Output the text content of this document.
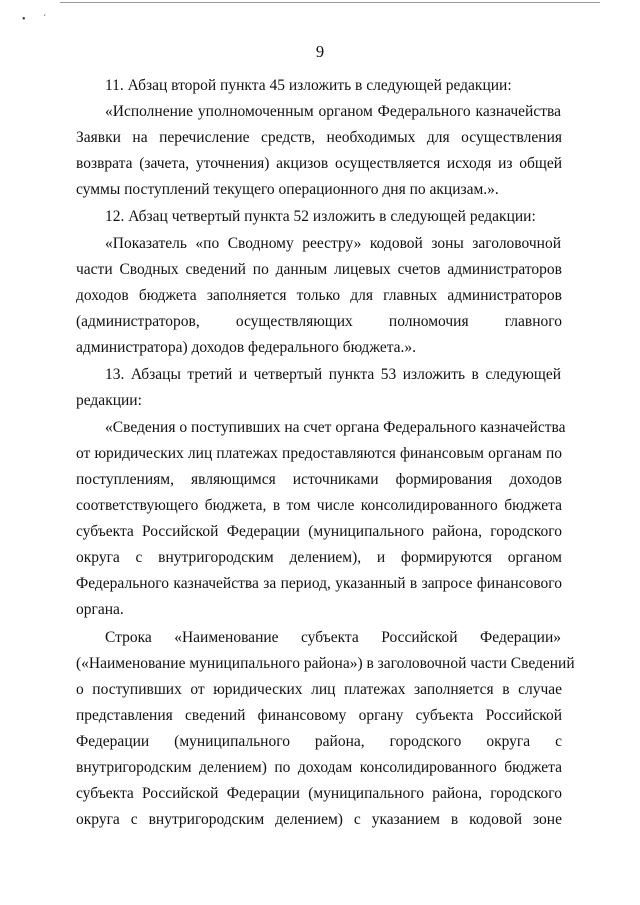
•       ´
9
11. Абзац второй пункта 45 изложить в следующей редакции:
«Исполнение уполномоченным органом Федерального казначейства
Заявки на перечисление средств, необходимых для осуществления
возврата (зачета, уточнения) акцизов осуществляется исходя из общей
суммы поступлений текущего операционного дня по акцизам.».
12. Абзац четвертый пункта 52 изложить в следующей редакции:
«Показатель «по Сводному реестру» кодовой зоны заголовочной
части Сводных сведений по данным лицевых счетов администраторов
доходов бюджета заполняется только для главных администраторов
(администраторов, осуществляющих полномочия главного
администратора) доходов федерального бюджета.».
13. Абзацы третий и четвертый пункта 53 изложить в следующей
редакции:
«Сведения о поступивших на счет органа Федерального казначейства
от юридических лиц платежах предоставляются финансовым органам по
поступлениям, являющимся источниками формирования доходов
соответствующего бюджета, в том числе консолидированного бюджета
субъекта Российской Федерации (муниципального района, городского
округа с внутригородским делением), и формируются органом
Федерального казначейства за период, указанный в запросе финансового
органа.
Строка «Наименование субъекта Российской Федерации»
(«Наименование муниципального района») в заголовочной части Сведений
о поступивших от юридических лиц платежах заполняется в случае
представления сведений финансовому органу субъекта Российской
Федерации (муниципального района, городского округа с
внутригородским делением) по доходам консолидированного бюджета
субъекта Российской Федерации (муниципального района, городского
округа с внутригородским делением) с указанием в кодовой зоне
